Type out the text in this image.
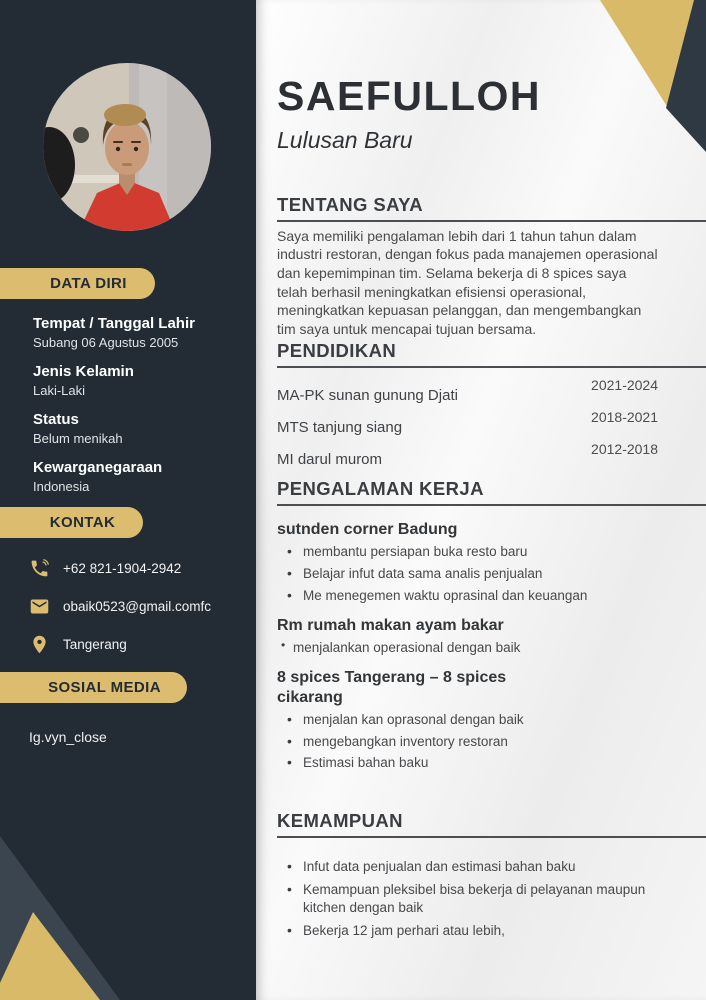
DATA DIRI
Tempat / Tanggal Lahir
Subang 06 Agustus 2005
Jenis Kelamin
Laki-Laki
Status
Belum menikah
Kewarganegaraan
Indonesia
KONTAK
+62 821-1904-2942
obaik0523@gmail.comfc
Tangerang
SOSIAL MEDIA
Ig.vyn_close
SAEFULLOH
Lulusan Baru
TENTANG SAYA

Saya memiliki pengalaman lebih dari 1 tahun tahun dalam industri restoran, dengan fokus pada manajemen operasional dan kepemimpinan tim. Selama bekerja di 8 spices saya telah berhasil meningkatkan efisiensi operasional, meningkatkan kepuasan pelanggan, dan mengembangkan tim saya untuk mencapai tujuan bersama.

PENDIDIKAN
MA-PK sunan gunung Djati
2021-2024
MTS tanjung siang
2018-2021
MI darul murom
2012-2018
PENGALAMAN KERJA
sutnden corner Badung
• membantu persiapan buka resto baru
• Belajar infut data sama analis penjualan
• Me menegemen waktu oprasinal dan keuangan
Rm rumah makan ayam bakar
• menjalankan operasional dengan baik
8 spices Tangerang – 8 spices cikarang
• menjalan kan oprasonal dengan baik
• mengebangkan inventory restoran
• Estimasi bahan baku
KEMAMPUAN
• Infut data penjualan dan estimasi bahan baku
• Kemampuan pleksibel bisa bekerja di pelayanan maupun kitchen dengan baik
• Bekerja 12 jam perhari atau lebih,
